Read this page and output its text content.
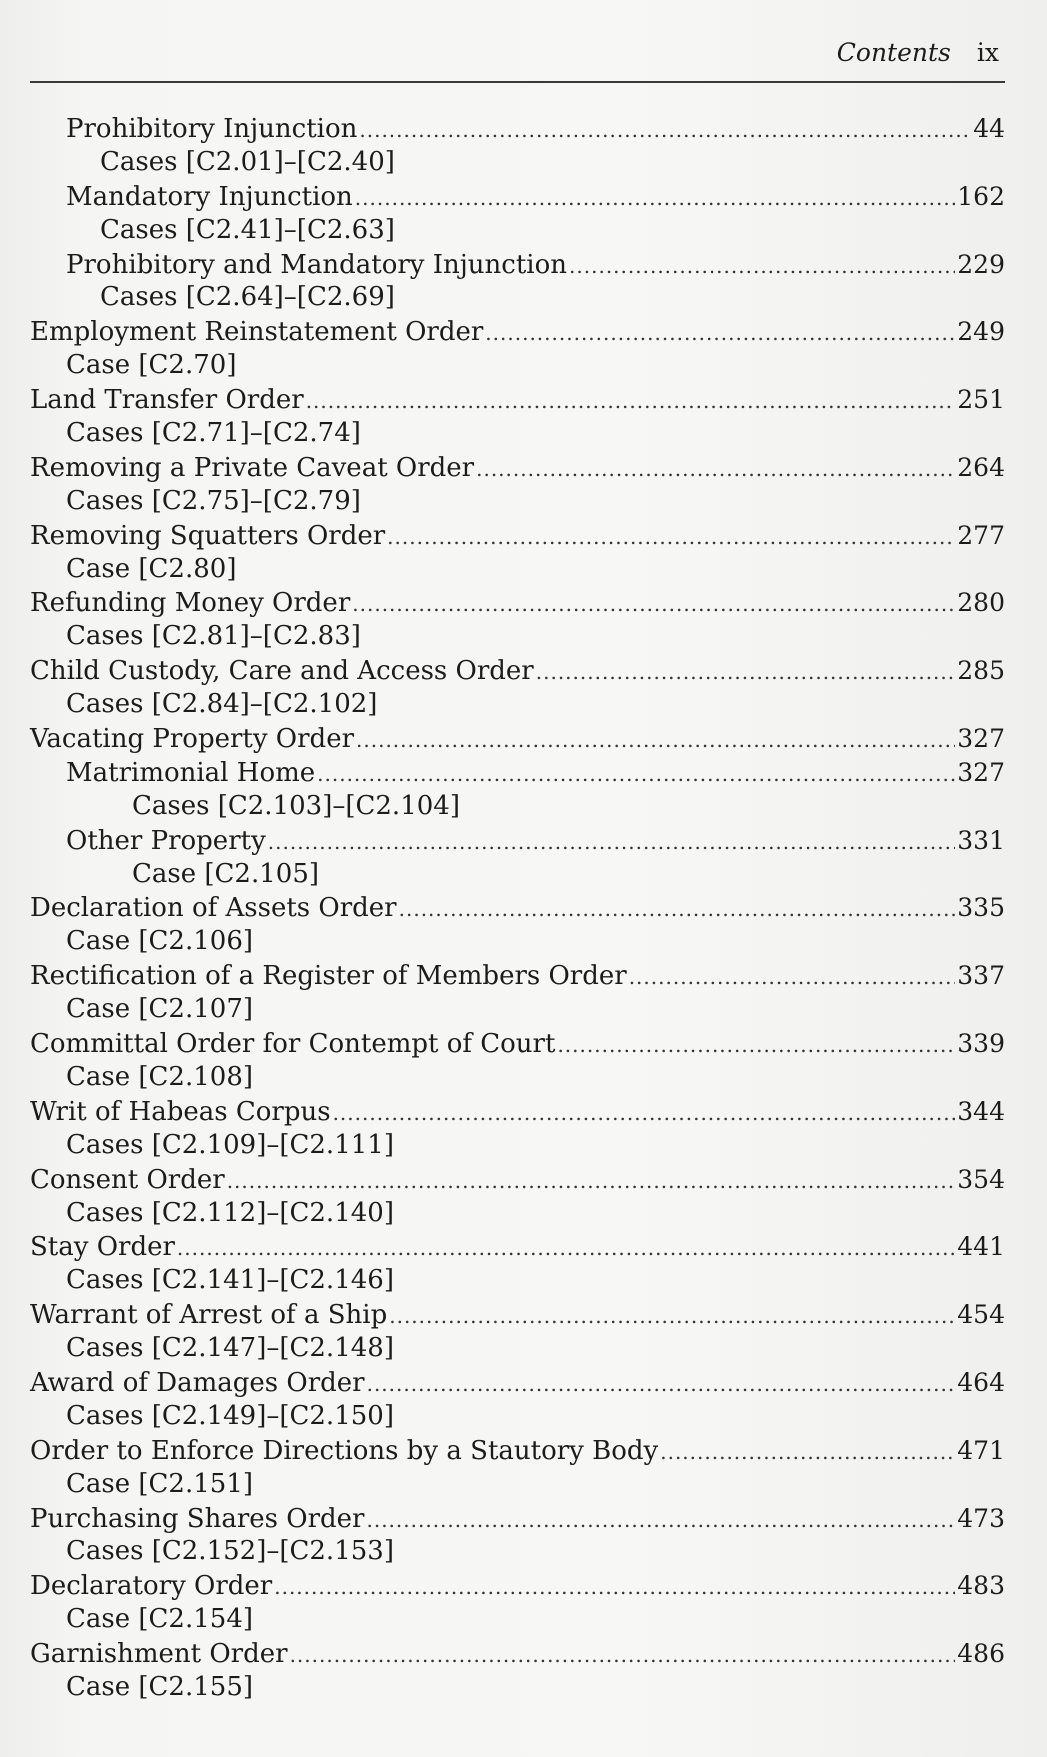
Contents ix
Prohibitory Injunction .....	44
Cases [C2.01]–[C2.40]
Mandatory Injunction .....	162
Cases [C2.41]–[C2.63]
Prohibitory and Mandatory Injunction .....	229
Cases [C2.64]–[C2.69]
Employment Reinstatement Order .....	249
Case [C2.70]
Land Transfer Order .....	251
Cases [C2.71]–[C2.74]
Removing a Private Caveat Order .....	264
Cases [C2.75]–[C2.79]
Removing Squatters Order .....	277
Case [C2.80]
Refunding Money Order .....	280
Cases [C2.81]–[C2.83]
Child Custody, Care and Access Order .....	285
Cases [C2.84]–[C2.102]
Vacating Property Order .....	327
Matrimonial Home .....	327
Cases [C2.103]–[C2.104]
Other Property .....	331
Case [C2.105]
Declaration of Assets Order .....	335
Case [C2.106]
Rectification of a Register of Members Order .....	337
Case [C2.107]
Committal Order for Contempt of Court .....	339
Case [C2.108]
Writ of Habeas Corpus .....	344
Cases [C2.109]–[C2.111]
Consent Order .....	354
Cases [C2.112]–[C2.140]
Stay Order .....	441
Cases [C2.141]–[C2.146]
Warrant of Arrest of a Ship .....	454
Cases [C2.147]–[C2.148]
Award of Damages Order .....	464
Cases [C2.149]–[C2.150]
Order to Enforce Directions by a Stautory Body .....	471
Case [C2.151]
Purchasing Shares Order .....	473
Cases [C2.152]–[C2.153]
Declaratory Order .....	483
Case [C2.154]
Garnishment Order .....	486
Case [C2.155]
